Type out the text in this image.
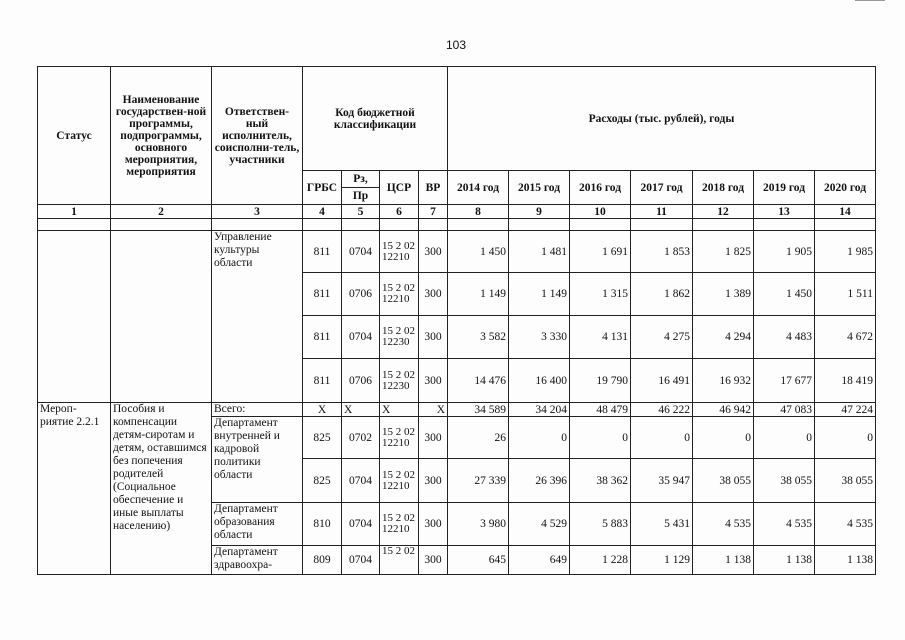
103
Статус	Наименование государствен-ной программы, подпрограммы, основного мероприятия, мероприятия	Ответствен-ный исполнитель, соисполни-тель, участники	Код бюджетной классификации				Расходы (тыс. рублей), годы						
			ГРБС	Рз,	ЦСР	ВР	2014 год	2015 год	2016 год	2017 год	2018 год	2019 год	2020 год
				Пр									
1	2	3	4	5	6	7	8	9	10	11	12	13	14

		Управление культуры области	811	0704	15 2 02 12210	300	1 450	1 481	1 691	1 853	1 825	1 905	1 985
			811	0706	15 2 02 12210	300	1 149	1 149	1 315	1 862	1 389	1 450	1 511
			811	0704	15 2 02 12230	300	3 582	3 330	4 131	4 275	4 294	4 483	4 672
			811	0706	15 2 02 12230	300	14 476	16 400	19 790	16 491	16 932	17 677	18 419
Мероп-риятие 2.2.1	Пособия и компенсации детям-сиротам и детям, оставшимся без попечения родителей (Социальное обеспечение и иные выплаты населению)	Всего:	X	X	X	X	34 589	34 204	48 479	46 222	46 942	47 083	47 224
		Департамент внутренней и кадровой политики области	825	0702	15 2 02 12210	300	26	0	0	0	0	0	0
			825	0704	15 2 02 12210	300	27 339	26 396	38 362	35 947	38 055	38 055	38 055
		Департамент образования области	810	0704	15 2 02 12210	300	3 980	4 529	5 883	5 431	4 535	4 535	4 535
		Департамент здравоохра-	809	0704	15 2 02	300	645	649	1 228	1 129	1 138	1 138	1 138
